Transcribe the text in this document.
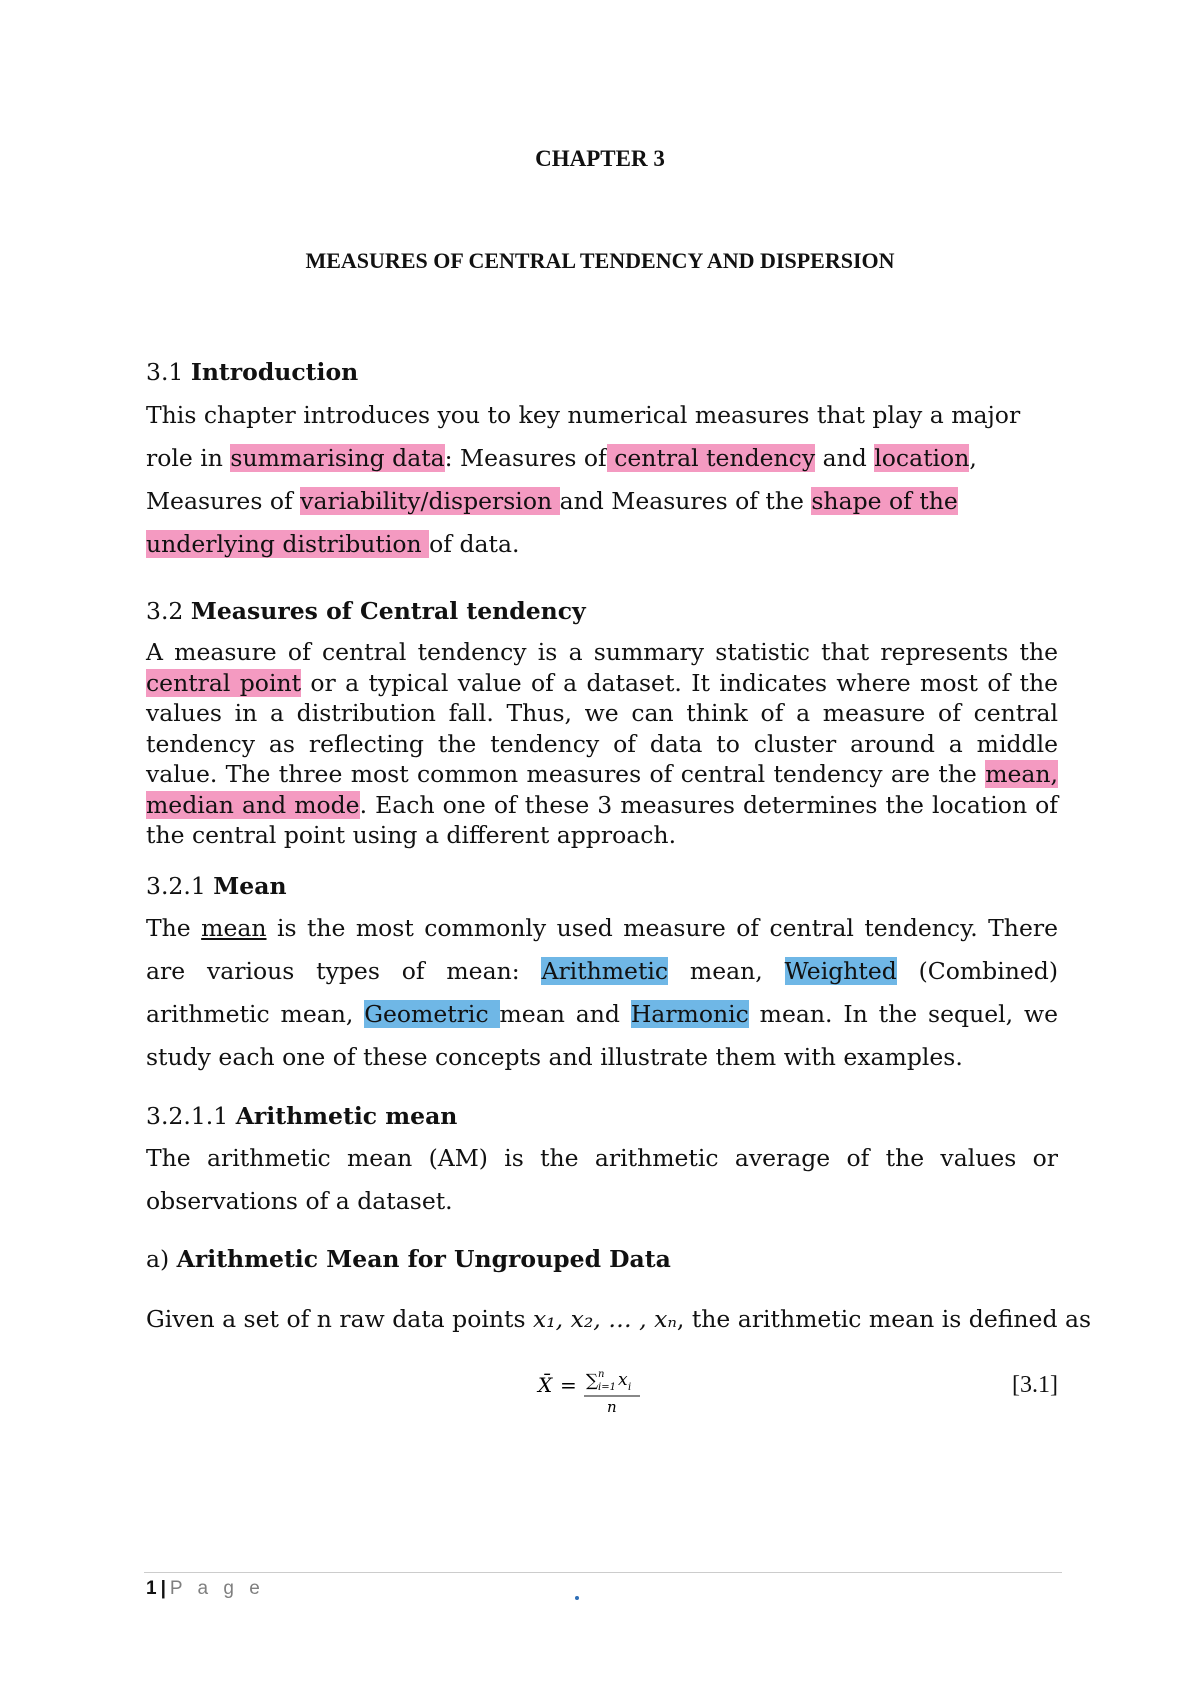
CHAPTER 3
MEASURES OF CENTRAL TENDENCY AND DISPERSION
3.1 Introduction
This chapter introduces you to key numerical measures that play a major role in summarising data: Measures of central tendency and location, Measures of variability/dispersion and Measures of the shape of the underlying distribution of data.
3.2 Measures of Central tendency
A measure of central tendency is a summary statistic that represents the central point or a typical value of a dataset. It indicates where most of the values in a distribution fall. Thus, we can think of a measure of central tendency as reflecting the tendency of data to cluster around a middle value. The three most common measures of central tendency are the mean, median and mode. Each one of these 3 measures determines the location of the central point using a different approach.
3.2.1 Mean
The mean is the most commonly used measure of central tendency. There are various types of mean: Arithmetic mean, Weighted (Combined) arithmetic mean, Geometric mean and Harmonic mean. In the sequel, we study each one of these concepts and illustrate them with examples.
3.2.1.1 Arithmetic mean
The arithmetic mean (AM) is the arithmetic average of the values or observations of a dataset.
a) Arithmetic Mean for Ungrouped Data
Given a set of n raw data points x₁, x₂, … , xₙ, the arithmetic mean is defined as
X̄ = ∑ n
i=1 x i
n
[3.1]
1 | P a g e
